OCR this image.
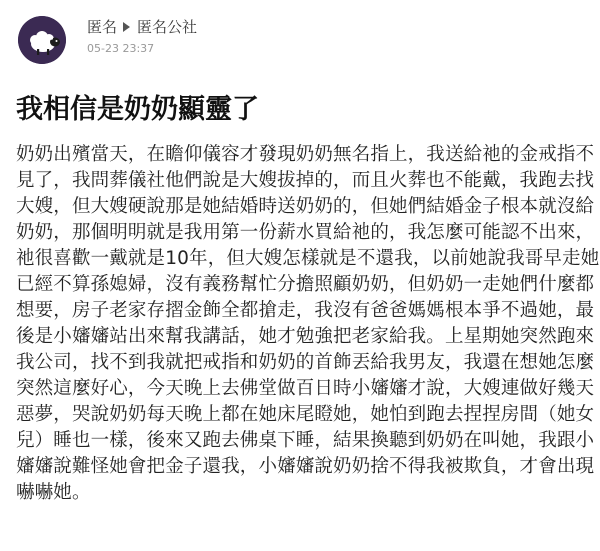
匿名 匿名公社
05-23 23:37
我相信是奶奶顯靈了
奶奶出殯當天，在瞻仰儀容才發現奶奶無名指上，我送給祂的金戒指不
見了，我問葬儀社他們說是大嫂拔掉的，而且火葬也不能戴，我跑去找
大嫂，但大嫂硬說那是她結婚時送奶奶的，但她們結婚金子根本就沒給
奶奶，那個明明就是我用第一份薪水買給祂的，我怎麼可能認不出來，
祂很喜歡一戴就是10年，但大嫂怎樣就是不還我，以前她說我哥早走她
已經不算孫媳婦，沒有義務幫忙分擔照顧奶奶，但奶奶一走她們什麼都
想要，房子老家存摺金飾全都搶走，我沒有爸爸媽媽根本爭不過她，最
後是小嬸嬸站出來幫我講話，她才勉強把老家給我。上星期她突然跑來
我公司，找不到我就把戒指和奶奶的首飾丟給我男友，我還在想她怎麼
突然這麼好心，今天晚上去佛堂做百日時小嬸嬸才說，大嫂連做好幾天
惡夢，哭說奶奶每天晚上都在她床尾瞪她，她怕到跑去捏捏房間（她女
兒）睡也一樣，後來又跑去佛桌下睡，結果換聽到奶奶在叫她，我跟小
嬸嬸說難怪她會把金子還我，小嬸嬸說奶奶捨不得我被欺負，才會出現
嚇嚇她。
